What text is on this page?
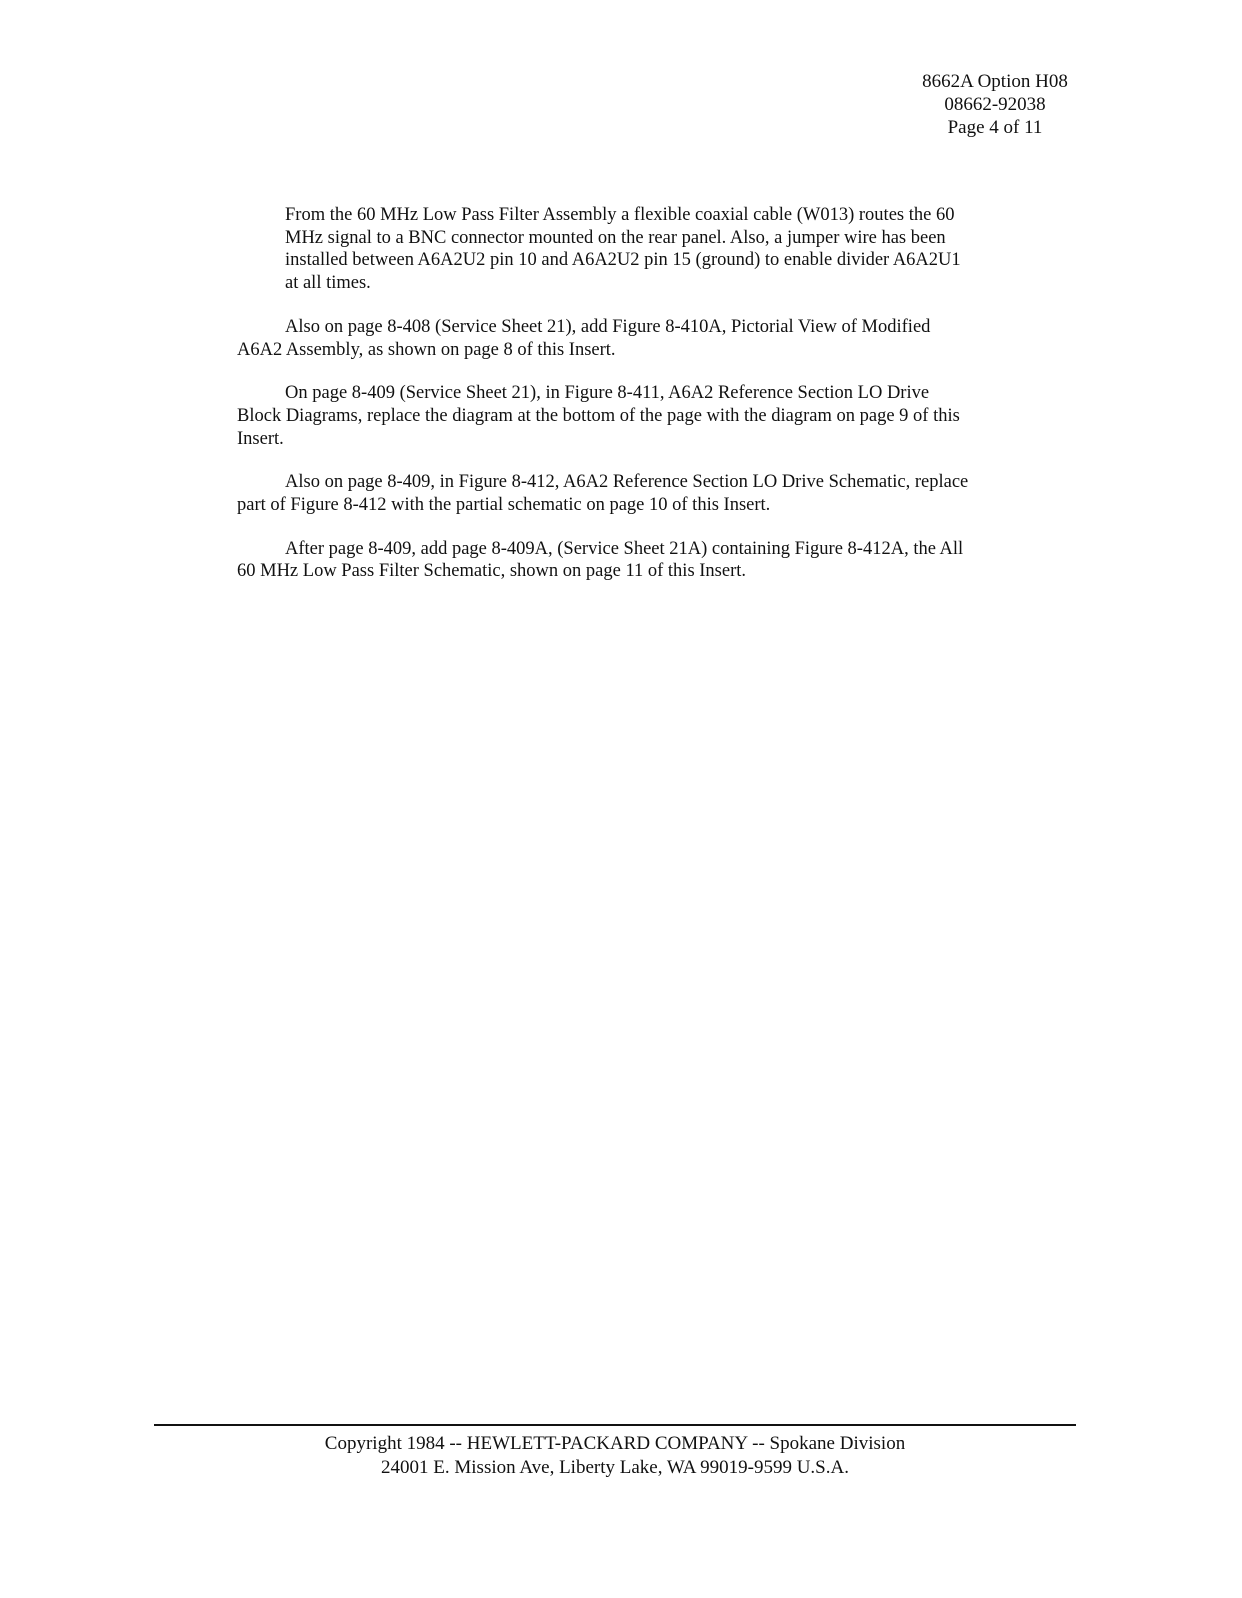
8662A Option H08
08662-92038
Page 4 of 11

From the 60 MHz Low Pass Filter Assembly a flexible coaxial cable (W013) routes the 60
MHz signal to a BNC connector mounted on the rear panel. Also, a jumper wire has been
installed between A6A2U2 pin 10 and A6A2U2 pin 15 (ground) to enable divider A6A2U1
at all times.

Also on page 8-408 (Service Sheet 21), add Figure 8-410A, Pictorial View of Modified
A6A2 Assembly, as shown on page 8 of this Insert.

On page 8-409 (Service Sheet 21), in Figure 8-411, A6A2 Reference Section LO Drive
Block Diagrams, replace the diagram at the bottom of the page with the diagram on page 9 of this
Insert.

Also on page 8-409, in Figure 8-412, A6A2 Reference Section LO Drive Schematic, replace
part of Figure 8-412 with the partial schematic on page 10 of this Insert.

After page 8-409, add page 8-409A, (Service Sheet 21A) containing Figure 8-412A, the All
60 MHz Low Pass Filter Schematic, shown on page 11 of this Insert.

Copyright 1984 -- HEWLETT-PACKARD COMPANY -- Spokane Division
24001 E. Mission Ave, Liberty Lake, WA 99019-9599 U.S.A.
